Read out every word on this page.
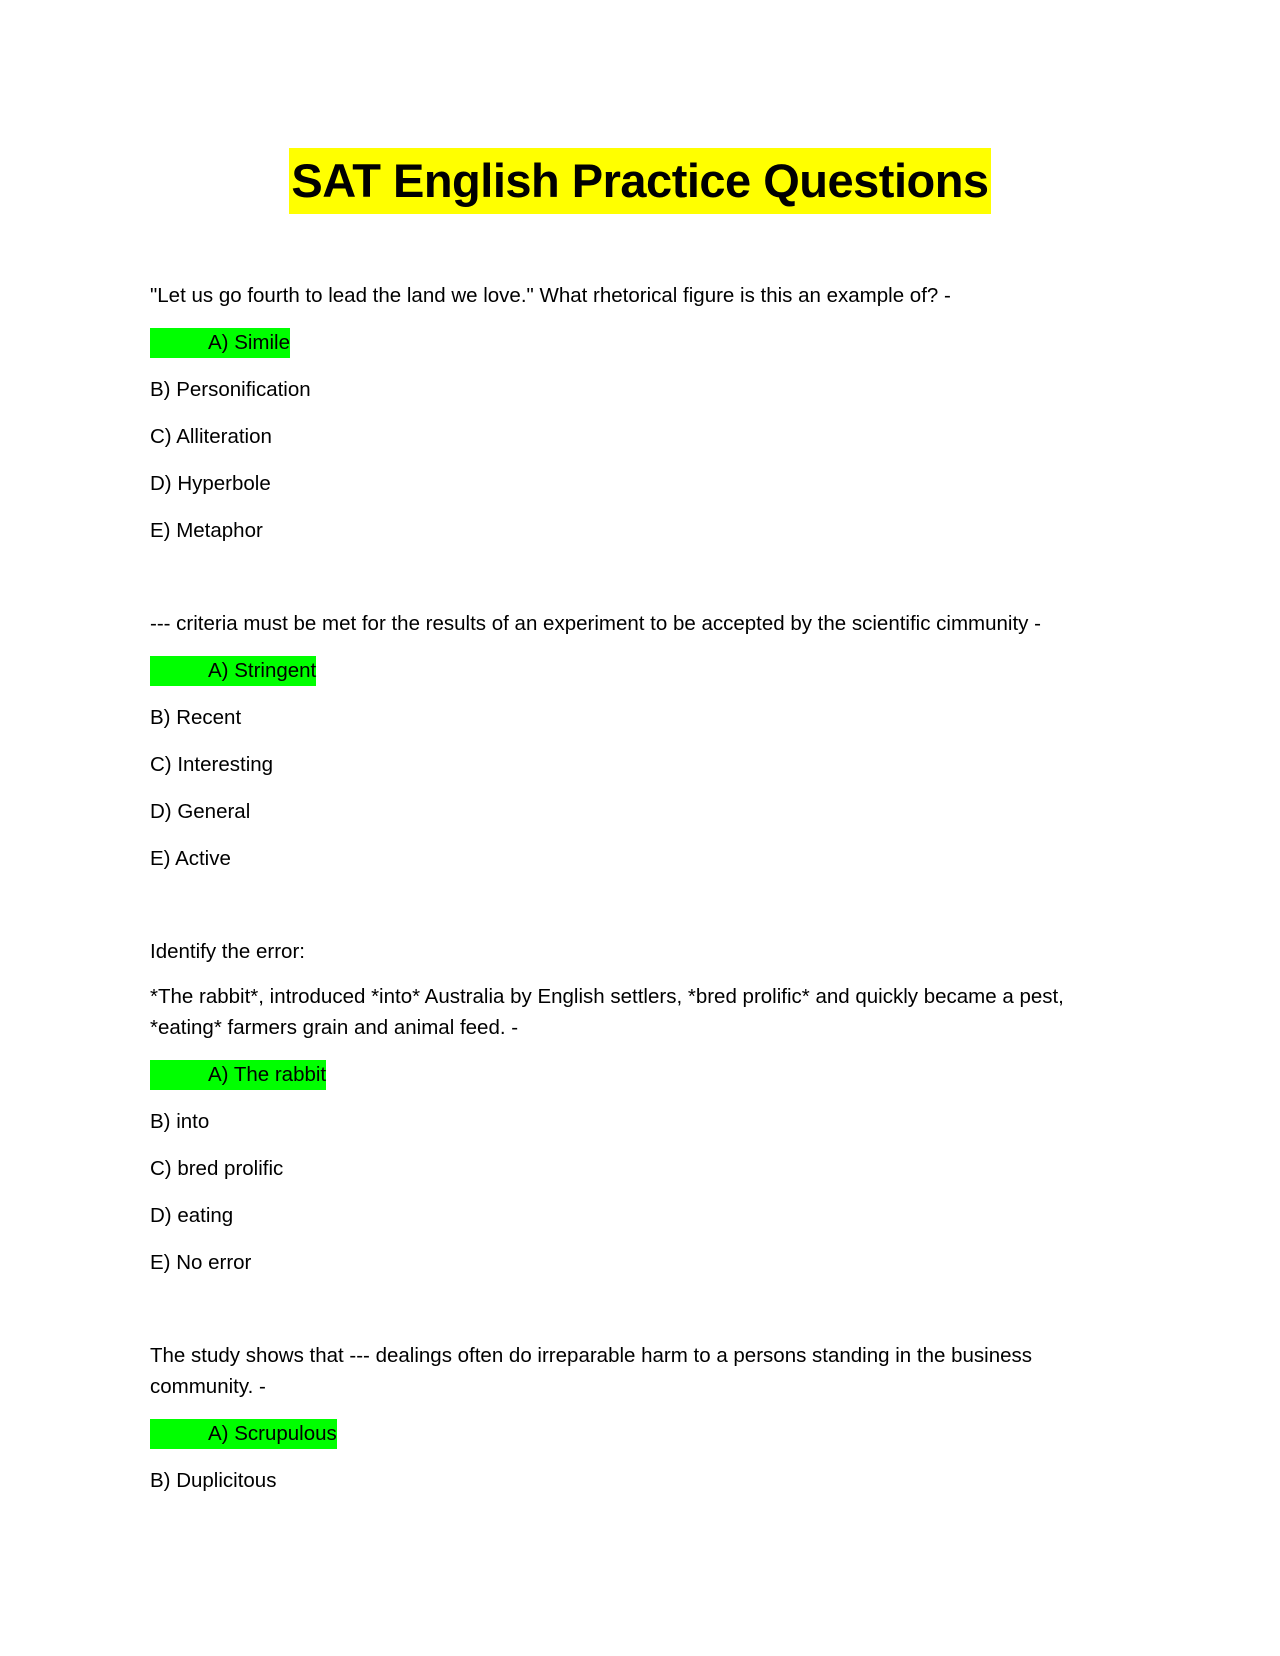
SAT English Practice Questions

"Let us go fourth to lead the land we love." What rhetorical figure is this an example of? -

A) Simile

B) Personification

C) Alliteration

D) Hyperbole

E) Metaphor

--- criteria must be met for the results of an experiment to be accepted by the scientific cimmunity -

A) Stringent

B) Recent

C) Interesting

D) General

E) Active

Identify the error:

*The rabbit*, introduced *into* Australia by English settlers, *bred prolific* and quickly became a pest, *eating* farmers grain and animal feed. -

A) The rabbit

B) into

C) bred prolific

D) eating

E) No error

The study shows that --- dealings often do irreparable harm to a persons standing in the business community. -

A) Scrupulous

B) Duplicitous
